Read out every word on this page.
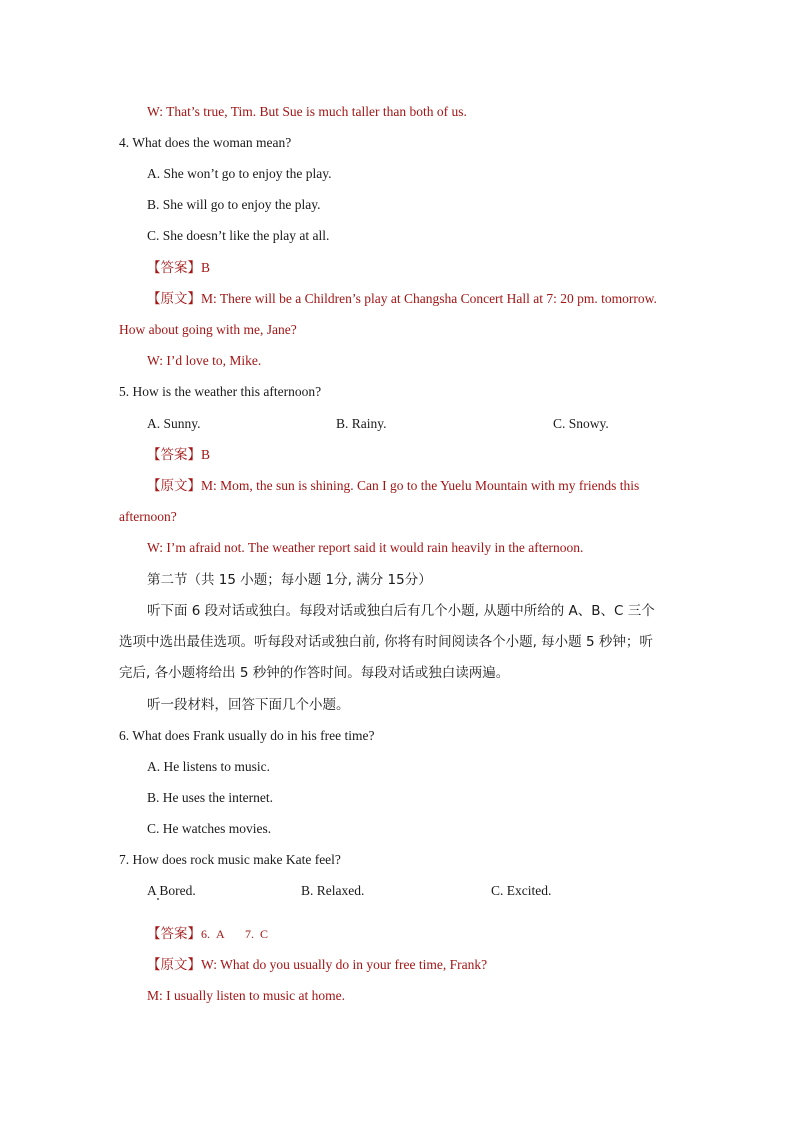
W: That’s true, Tim. But Sue is much taller than both of us.
4. What does the woman mean?
A. She won’t go to enjoy the play.
B. She will go to enjoy the play.
C. She doesn’t like the play at all.
【答案】B
【原文】M: There will be a Children’s play at Changsha Concert Hall at 7: 20 pm. tomorrow.
How about going with me, Jane?
W: I’d love to, Mike.
5. How is the weather this afternoon?
A. Sunny.	B. Rainy.	C. Snowy.
【答案】B
【原文】M: Mom, the sun is shining. Can I go to the Yuelu Mountain with my friends this
afternoon?
W: I’m afraid not. The weather report said it would rain heavily in the afternoon.
第二节（共 15 小题；每小题 1分, 满分 15分）
听下面 6 段对话或独白。每段对话或独白后有几个小题, 从题中所给的 A、B、C 三个
选项中选出最佳选项。听每段对话或独白前, 你将有时间阅读各个小题, 每小题 5 秒钟；听
完后, 各小题将给出 5 秒钟的作答时间。每段对话或独白读两遍。
听一段材料，回答下面几个小题。
6. What does Frank usually do in his free time?
A. He listens to music.
B. He uses the internet.
C. He watches movies.
7. How does rock music make Kate feel?
A Bored.	B. Relaxed.	C. Excited.
【答案】6.  A       7.  C
【原文】W: What do you usually do in your free time, Frank?
M: I usually listen to music at home.
